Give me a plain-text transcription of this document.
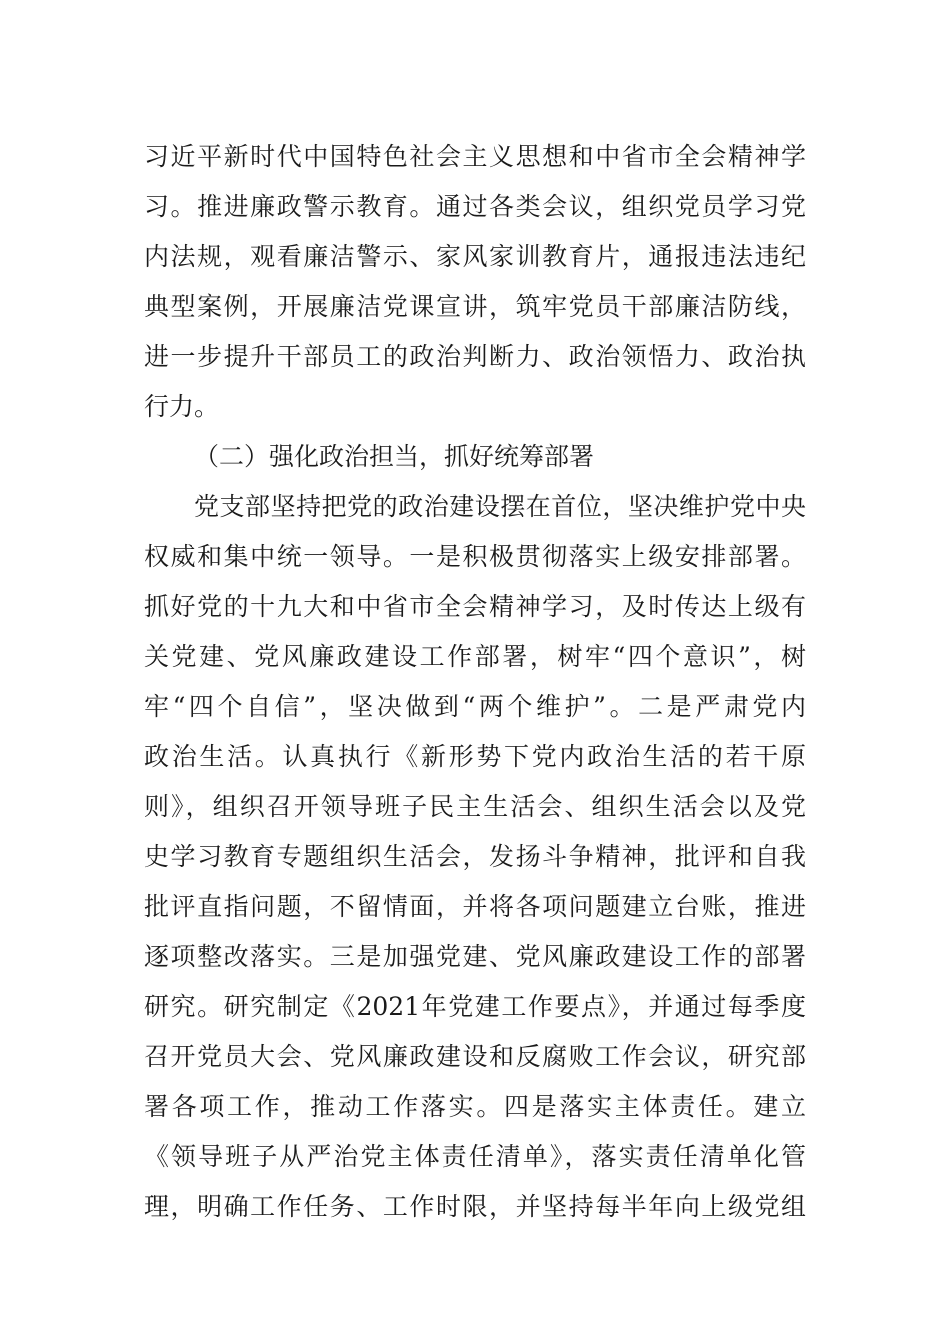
习近平新时代中国特色社会主义思想和中省市全会精神学
习。推进廉政警示教育。通过各类会议，组织党员学习党
内法规，观看廉洁警示、家风家训教育片，通报违法违纪
典型案例，开展廉洁党课宣讲，筑牢党员干部廉洁防线，
进一步提升干部员工的政治判断力、政治领悟力、政治执
行力。
（二）强化政治担当，抓好统筹部署
党支部坚持把党的政治建设摆在首位，坚决维护党中央
权威和集中统一领导。一是积极贯彻落实上级安排部署。
抓好党的十九大和中省市全会精神学习，及时传达上级有
关党建、党风廉政建设工作部署，树牢“四个意识”，树
牢“四个自信”，坚决做到“两个维护”。二是严肃党内
政治生活。认真执行《新形势下党内政治生活的若干原
则》，组织召开领导班子民主生活会、组织生活会以及党
史学习教育专题组织生活会，发扬斗争精神，批评和自我
批评直指问题，不留情面，并将各项问题建立台账，推进
逐项整改落实。三是加强党建、党风廉政建设工作的部署
研究。研究制定《2021年党建工作要点》，并通过每季度
召开党员大会、党风廉政建设和反腐败工作会议，研究部
署各项工作，推动工作落实。四是落实主体责任。建立
《领导班子从严治党主体责任清单》，落实责任清单化管
理，明确工作任务、工作时限，并坚持每半年向上级党组
